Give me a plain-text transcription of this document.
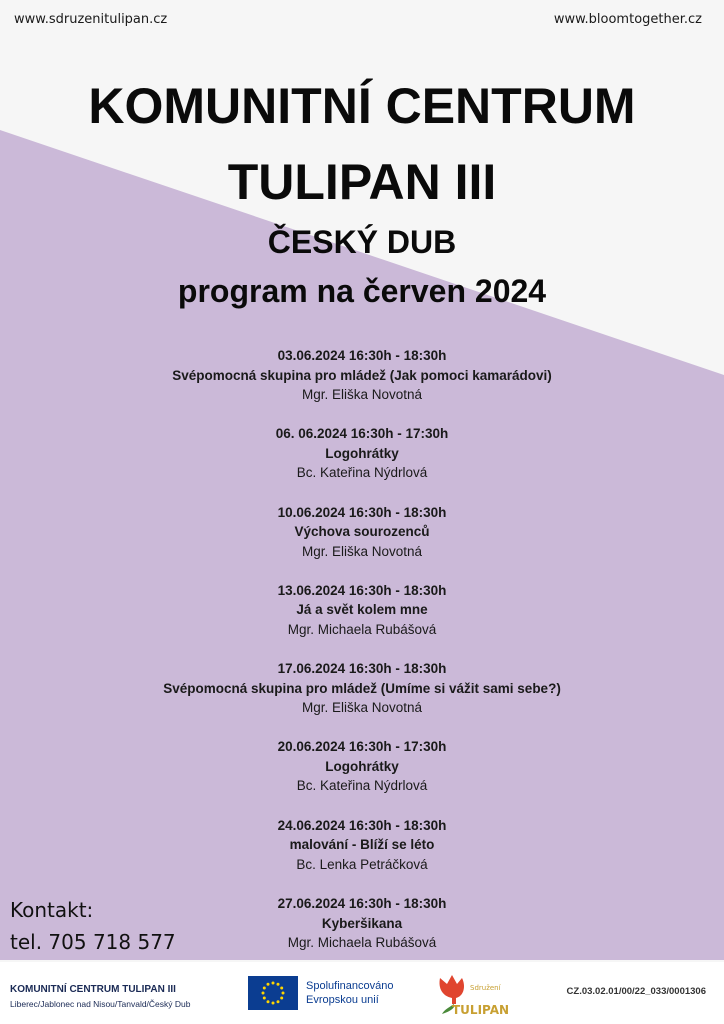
www.sdruzenitulipan.cz	www.bloomtogether.cz
KOMUNITNÍ CENTRUM
TULIPAN III
ČESKÝ DUB
program na červen 2024
03.06.2024 16:30h - 18:30h
Svépomocná skupina pro mládež (Jak pomoci kamarádovi)
Mgr. Eliška Novotná
06. 06.2024 16:30h - 17:30h
Logohrátky
Bc. Kateřina Nýdrlová
10.06.2024 16:30h - 18:30h
Výchova sourozenců
Mgr. Eliška Novotná
13.06.2024 16:30h - 18:30h
Já a svět kolem mne
Mgr. Michaela Rubášová
17.06.2024 16:30h - 18:30h
Svépomocná skupina pro mládež (Umíme si vážit sami sebe?)
Mgr. Eliška Novotná
20.06.2024 16:30h - 17:30h
Logohrátky
Bc. Kateřina Nýdrlová
24.06.2024 16:30h - 18:30h
malování - Blíží se léto
Bc. Lenka Petráčková
27.06.2024 16:30h - 18:30h
Kyberšikana
Mgr. Michaela Rubášová
Kontakt:
tel. 705 718 577
KOMUNITNÍ CENTRUM TULIPAN III
Liberec/Jablonec nad Nisou/Tanvald/Český Dub
Spolufinancováno
Evropskou unií
Sdružení
TULIPAN
CZ.03.02.01/00/22_033/0001306
